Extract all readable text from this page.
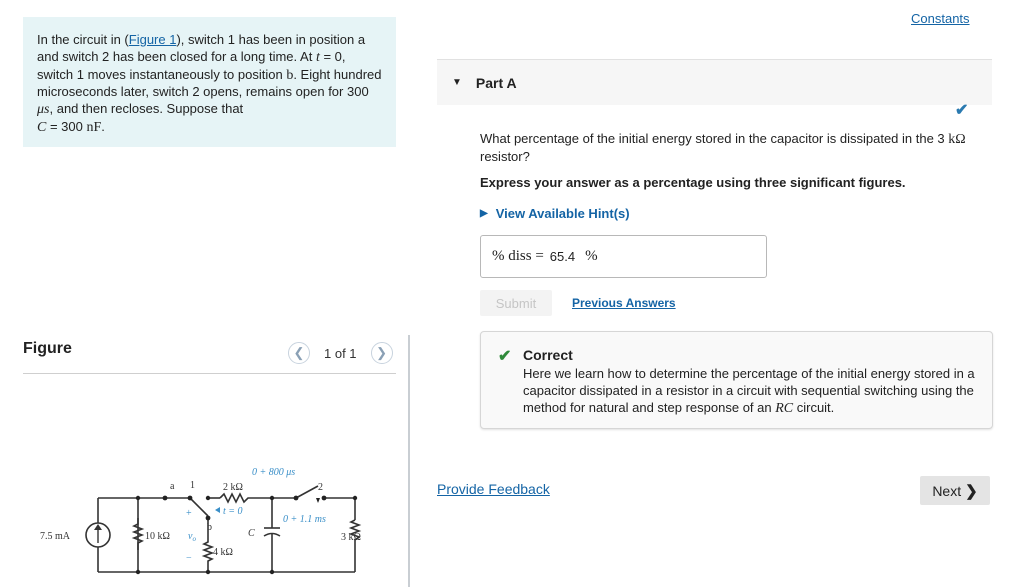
In the circuit in (Figure 1), switch 1 has been in position a and switch 2 has been closed for a long time. At t = 0, switch 1 moves instantaneously to position b. Eight hundred microseconds later, switch 2 opens, remains open for 300 μs, and then recloses. Suppose that
C = 300 nF.
Figure	❮	1 of 1	❯
7.5 mA	10 kΩ $v_o$
+
−
a 1
b
2 kΩ
t = 0
4 kΩ
C
0 + 800 μs
2
0 + 1.1 ms
3 kΩ
Constants
▼ Part A
✔
What percentage of the initial energy stored in the capacitor is dissipated in the 3 kΩ resistor?
Express your answer as a percentage using three significant figures.
▶ View Available Hint(s)
% diss = 65.4 %
Submit	Previous Answers
✔ Correct
Here we learn how to determine the percentage of the initial energy stored in a capacitor dissipated in a resistor in a circuit with sequential switching using the method for natural and step response of an RC circuit.
Provide Feedback	Next ❯
